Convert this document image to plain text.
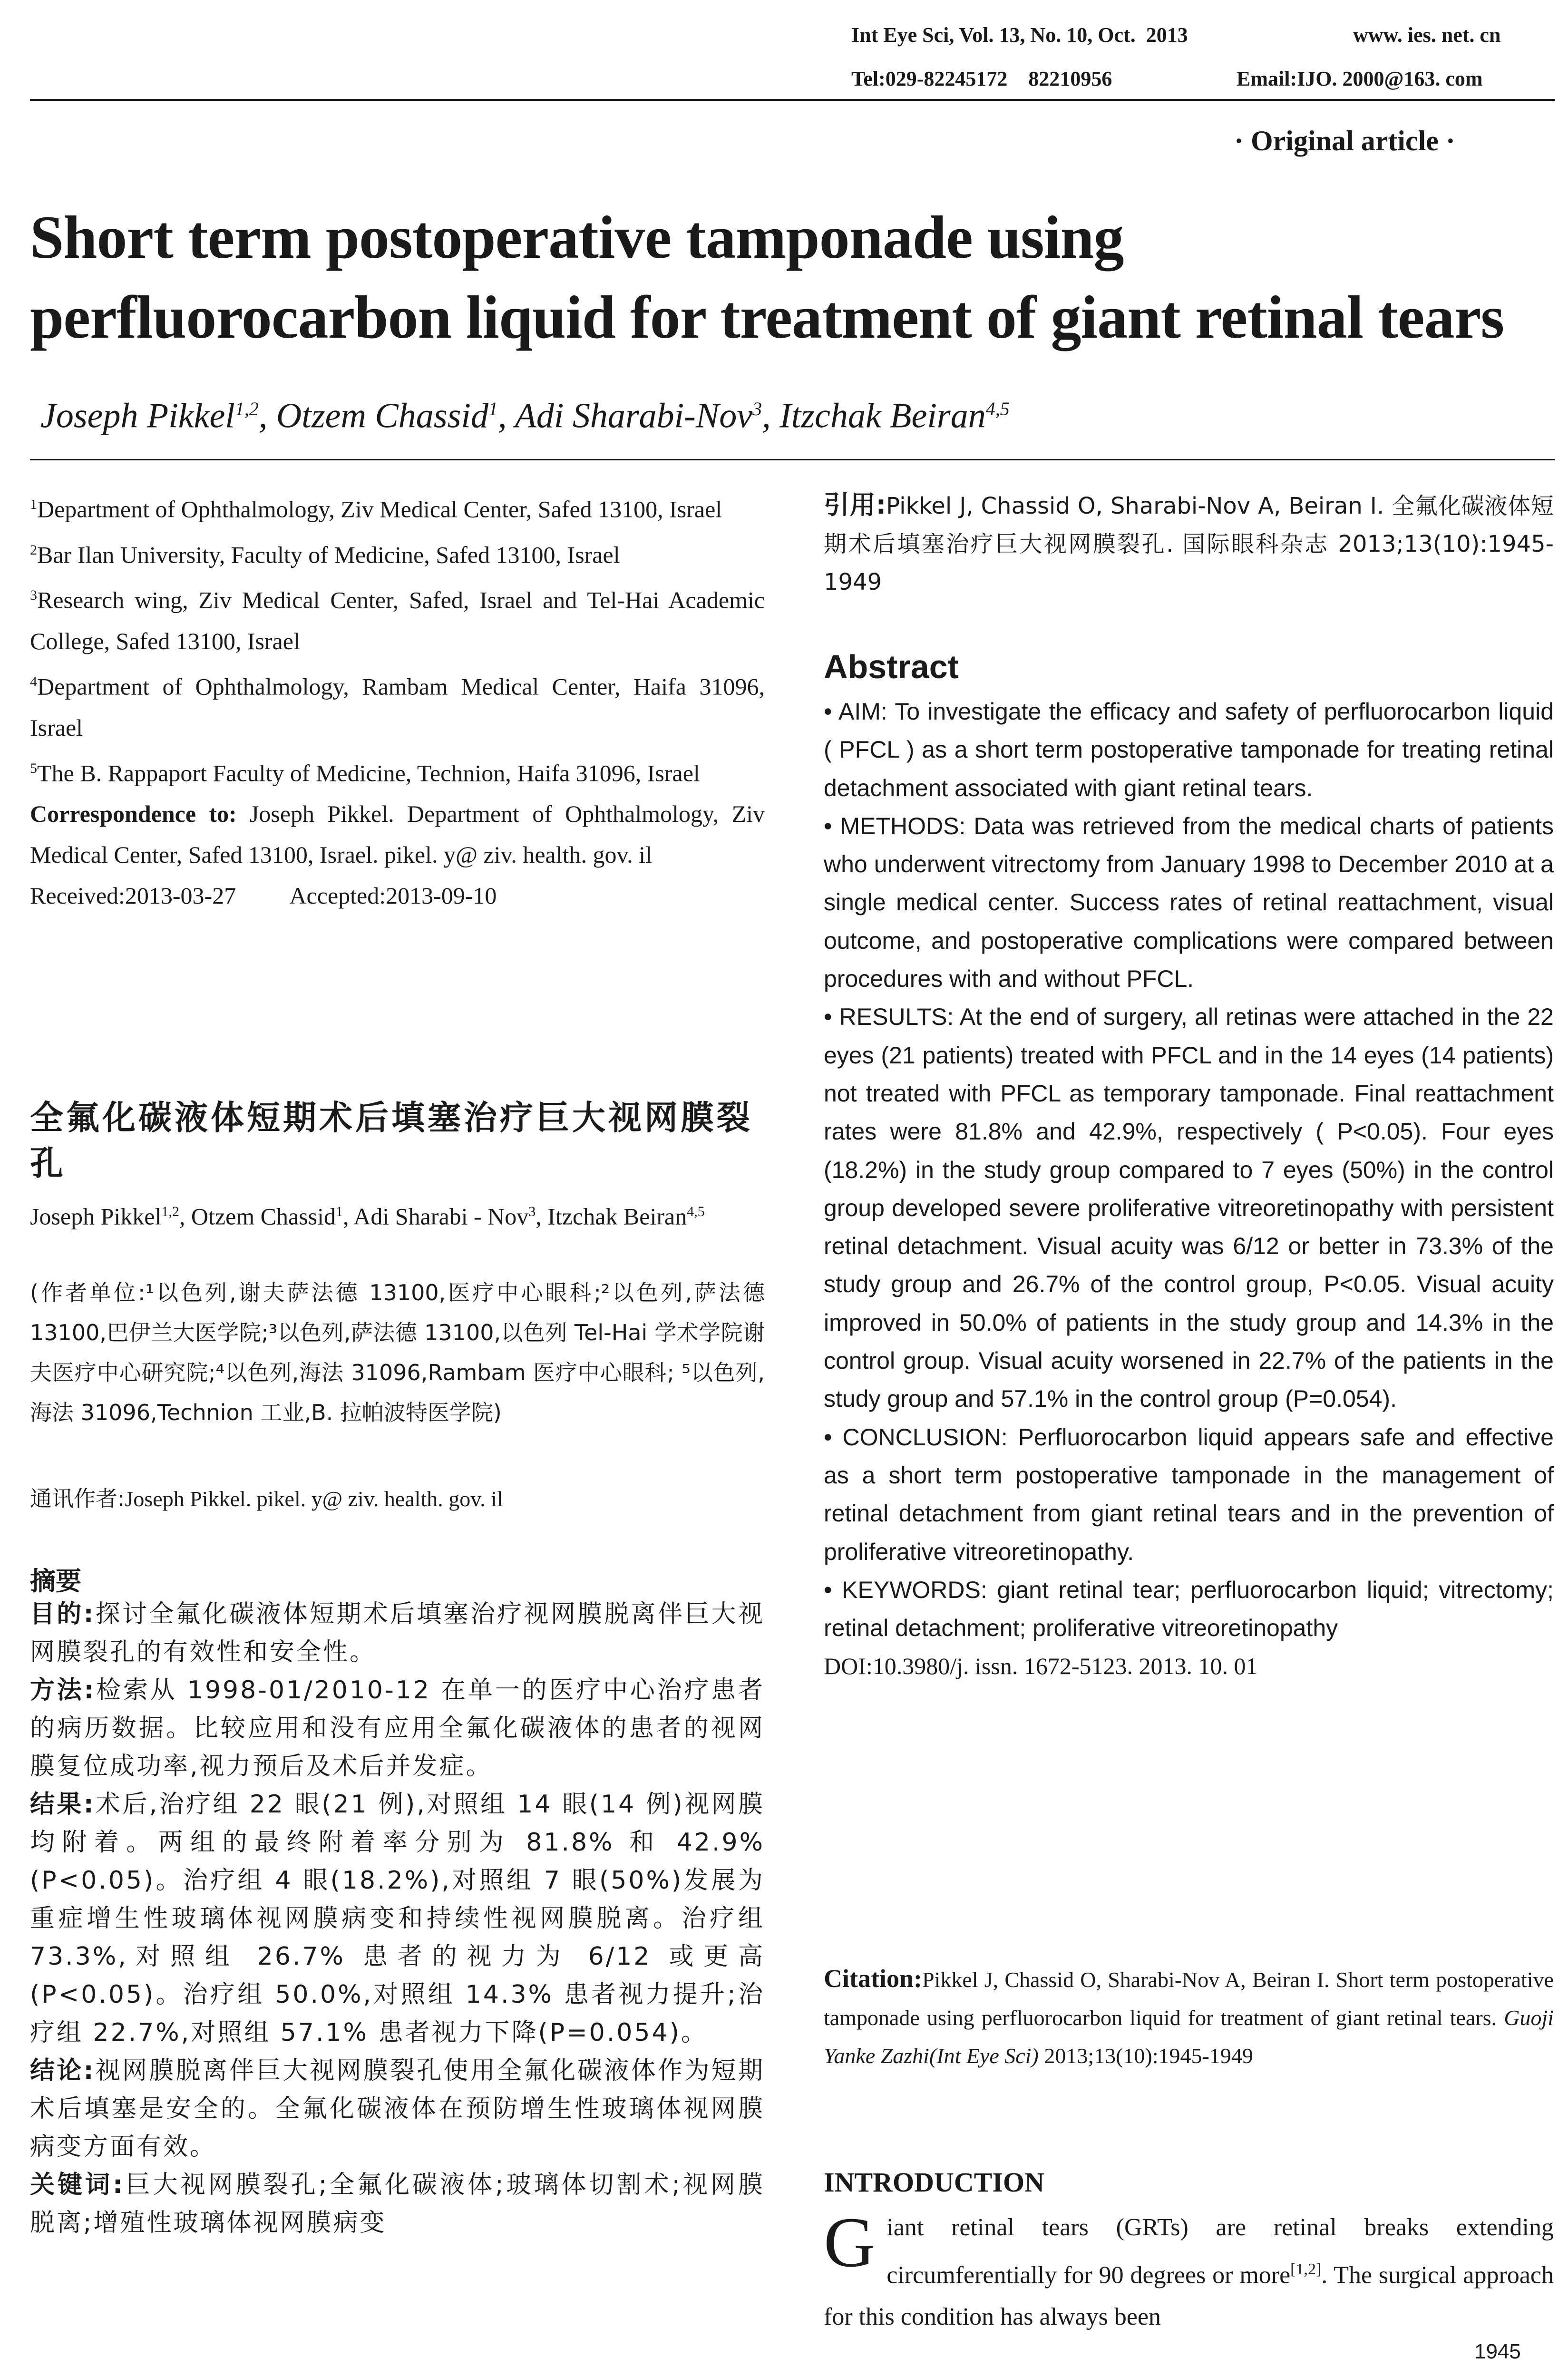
Int Eye Sci, Vol. 13, No. 10, Oct.  2013	www. ies. net. cn
Tel:029-82245172    82210956	Email:IJO. 2000@163. com
· Original article ·
Short term postoperative tamponade using perfluorocarbon liquid for treatment of giant retinal tears
Joseph Pikkel$^{1,2}$, Otzem Chassid$^1$, Adi Sharabi-Nov$^3$, Itzchak Beiran$^{4,5}$
$^1$Department of Ophthalmology, Ziv Medical Center, Safed 13100, Israel
$^2$Bar Ilan University, Faculty of Medicine, Safed 13100, Israel
$^3$Research wing, Ziv Medical Center, Safed, Israel and Tel-Hai Academic College, Safed 13100, Israel
$^4$Department of Ophthalmology, Rambam Medical Center, Haifa 31096, Israel
$^5$The B. Rappaport Faculty of Medicine, Technion, Haifa 31096, Israel
Correspondence to: Joseph Pikkel. Department of Ophthalmology, Ziv Medical Center, Safed 13100, Israel. pikel. y@ ziv. health. gov. il
Received:2013-03-27 Accepted:2013-09-10
全氟化碳液体短期术后填塞治疗巨大视网膜裂孔
Joseph Pikkel$^{1,2}$, Otzem Chassid$^1$, Adi Sharabi - Nov$^3$, Itzchak Beiran$^{4,5}$
(作者单位:¹以色列,谢夫萨法德 13100,医疗中心眼科;²以色列,萨法德 13100,巴伊兰大医学院;³以色列,萨法德 13100,以色列 Tel-Hai 学术学院谢夫医疗中心研究院;⁴以色列,海法 31096,Rambam 医疗中心眼科; ⁵以色列,海法 31096,Technion 工业,B. 拉帕波特医学院)
通讯作者:Joseph Pikkel. pikel. y@ ziv. health. gov. il
摘要
目的:探讨全氟化碳液体短期术后填塞治疗视网膜脱离伴巨大视网膜裂孔的有效性和安全性。
方法:检索从 1998-01/2010-12 在单一的医疗中心治疗患者的病历数据。比较应用和没有应用全氟化碳液体的患者的视网膜复位成功率,视力预后及术后并发症。
结果:术后,治疗组 22 眼(21 例),对照组 14 眼(14 例)视网膜均附着。两组的最终附着率分别为 81.8% 和 42.9% (P<0.05)。治疗组 4 眼(18.2%),对照组 7 眼(50%)发展为重症增生性玻璃体视网膜病变和持续性视网膜脱离。治疗组 73.3%,对照组 26.7% 患者的视力为 6/12 或更高 (P<0.05)。治疗组 50.0%,对照组 14.3% 患者视力提升;治疗组 22.7%,对照组 57.1% 患者视力下降(P=0.054)。
结论:视网膜脱离伴巨大视网膜裂孔使用全氟化碳液体作为短期术后填塞是安全的。全氟化碳液体在预防增生性玻璃体视网膜病变方面有效。
关键词:巨大视网膜裂孔;全氟化碳液体;玻璃体切割术;视网膜脱离;增殖性玻璃体视网膜病变
引用:Pikkel J, Chassid O, Sharabi-Nov A, Beiran I. 全氟化碳液体短期术后填塞治疗巨大视网膜裂孔. 国际眼科杂志 2013;13(10):1945-1949
Abstract

• AIM: To investigate the efficacy and safety of perfluorocarbon liquid ( PFCL ) as a short term postoperative tamponade for treating retinal detachment associated with giant retinal tears.

• METHODS: Data was retrieved from the medical charts of patients who underwent vitrectomy from January 1998 to December 2010 at a single medical center. Success rates of retinal reattachment, visual outcome, and postoperative complications were compared between procedures with and without PFCL.

• RESULTS: At the end of surgery, all retinas were attached in the 22 eyes (21 patients) treated with PFCL and in the 14 eyes (14 patients) not treated with PFCL as temporary tamponade. Final reattachment rates were 81.8% and 42.9%, respectively ( P<0.05). Four eyes (18.2%) in the study group compared to 7 eyes (50%) in the control group developed severe proliferative vitreoretinopathy with persistent retinal detachment. Visual acuity was 6/12 or better in 73.3% of the study group and 26.7% of the control group, P<0.05. Visual acuity improved in 50.0% of patients in the study group and 14.3% in the control group. Visual acuity worsened in 22.7% of the patients in the study group and 57.1% in the control group (P=0.054).

• CONCLUSION: Perfluorocarbon liquid appears safe and effective as a short term postoperative tamponade in the management of retinal detachment from giant retinal tears and in the prevention of proliferative vitreoretinopathy.

• KEYWORDS: giant retinal tear; perfluorocarbon liquid; vitrectomy; retinal detachment; proliferative vitreoretinopathy

DOI:10.3980/j. issn. 1672-5123. 2013. 10. 01

Citation:Pikkel J, Chassid O, Sharabi-Nov A, Beiran I. Short term postoperative tamponade using perfluorocarbon liquid for treatment of giant retinal tears. Guoji Yanke Zazhi(Int Eye Sci) 2013;13(10):1945-1949
INTRODUCTION
G iant retinal tears (GRTs) are retinal breaks extending circumferentially for 90 degrees or more[1,2]. The surgical approach for this condition has always been
1945
